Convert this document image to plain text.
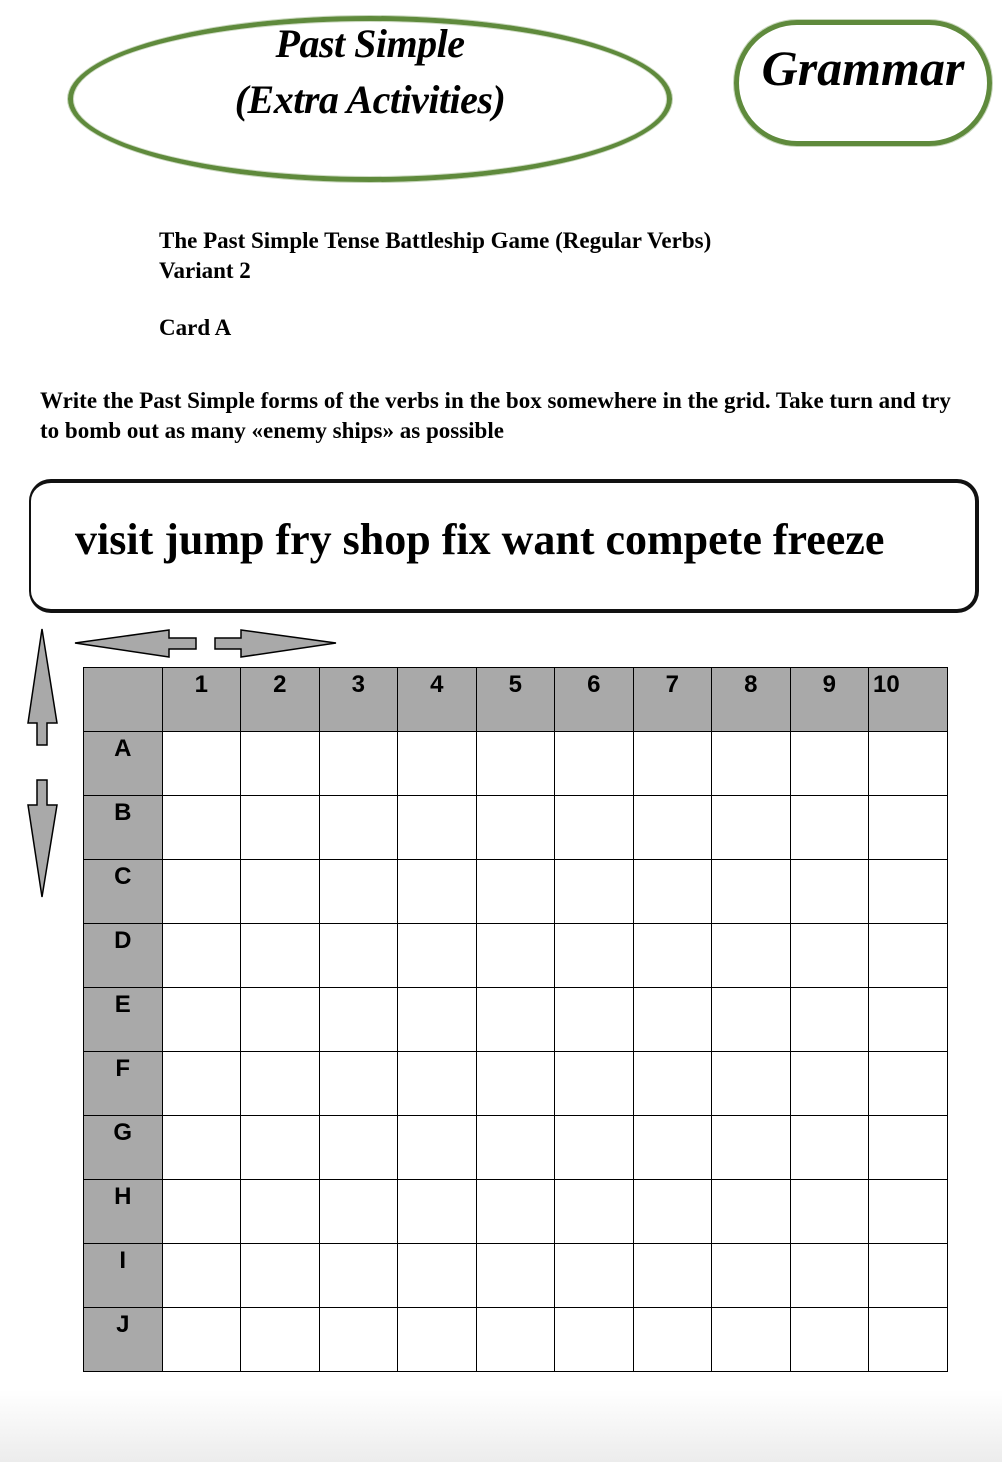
Past Simple
(Extra Activities)
Grammar
The Past Simple Tense Battleship Game (Regular Verbs)
Variant 2
Card A
Write the Past Simple forms of the verbs in the box somewhere in the grid. Take turn and try to bomb out as many «enemy ships» as possible
visit jump fry shop fix want compete freeze

	1	2	3	4	5	6	7	8	9	10

A										

B										

C										

D										

E										

F										

G										

H										

I										

J										
